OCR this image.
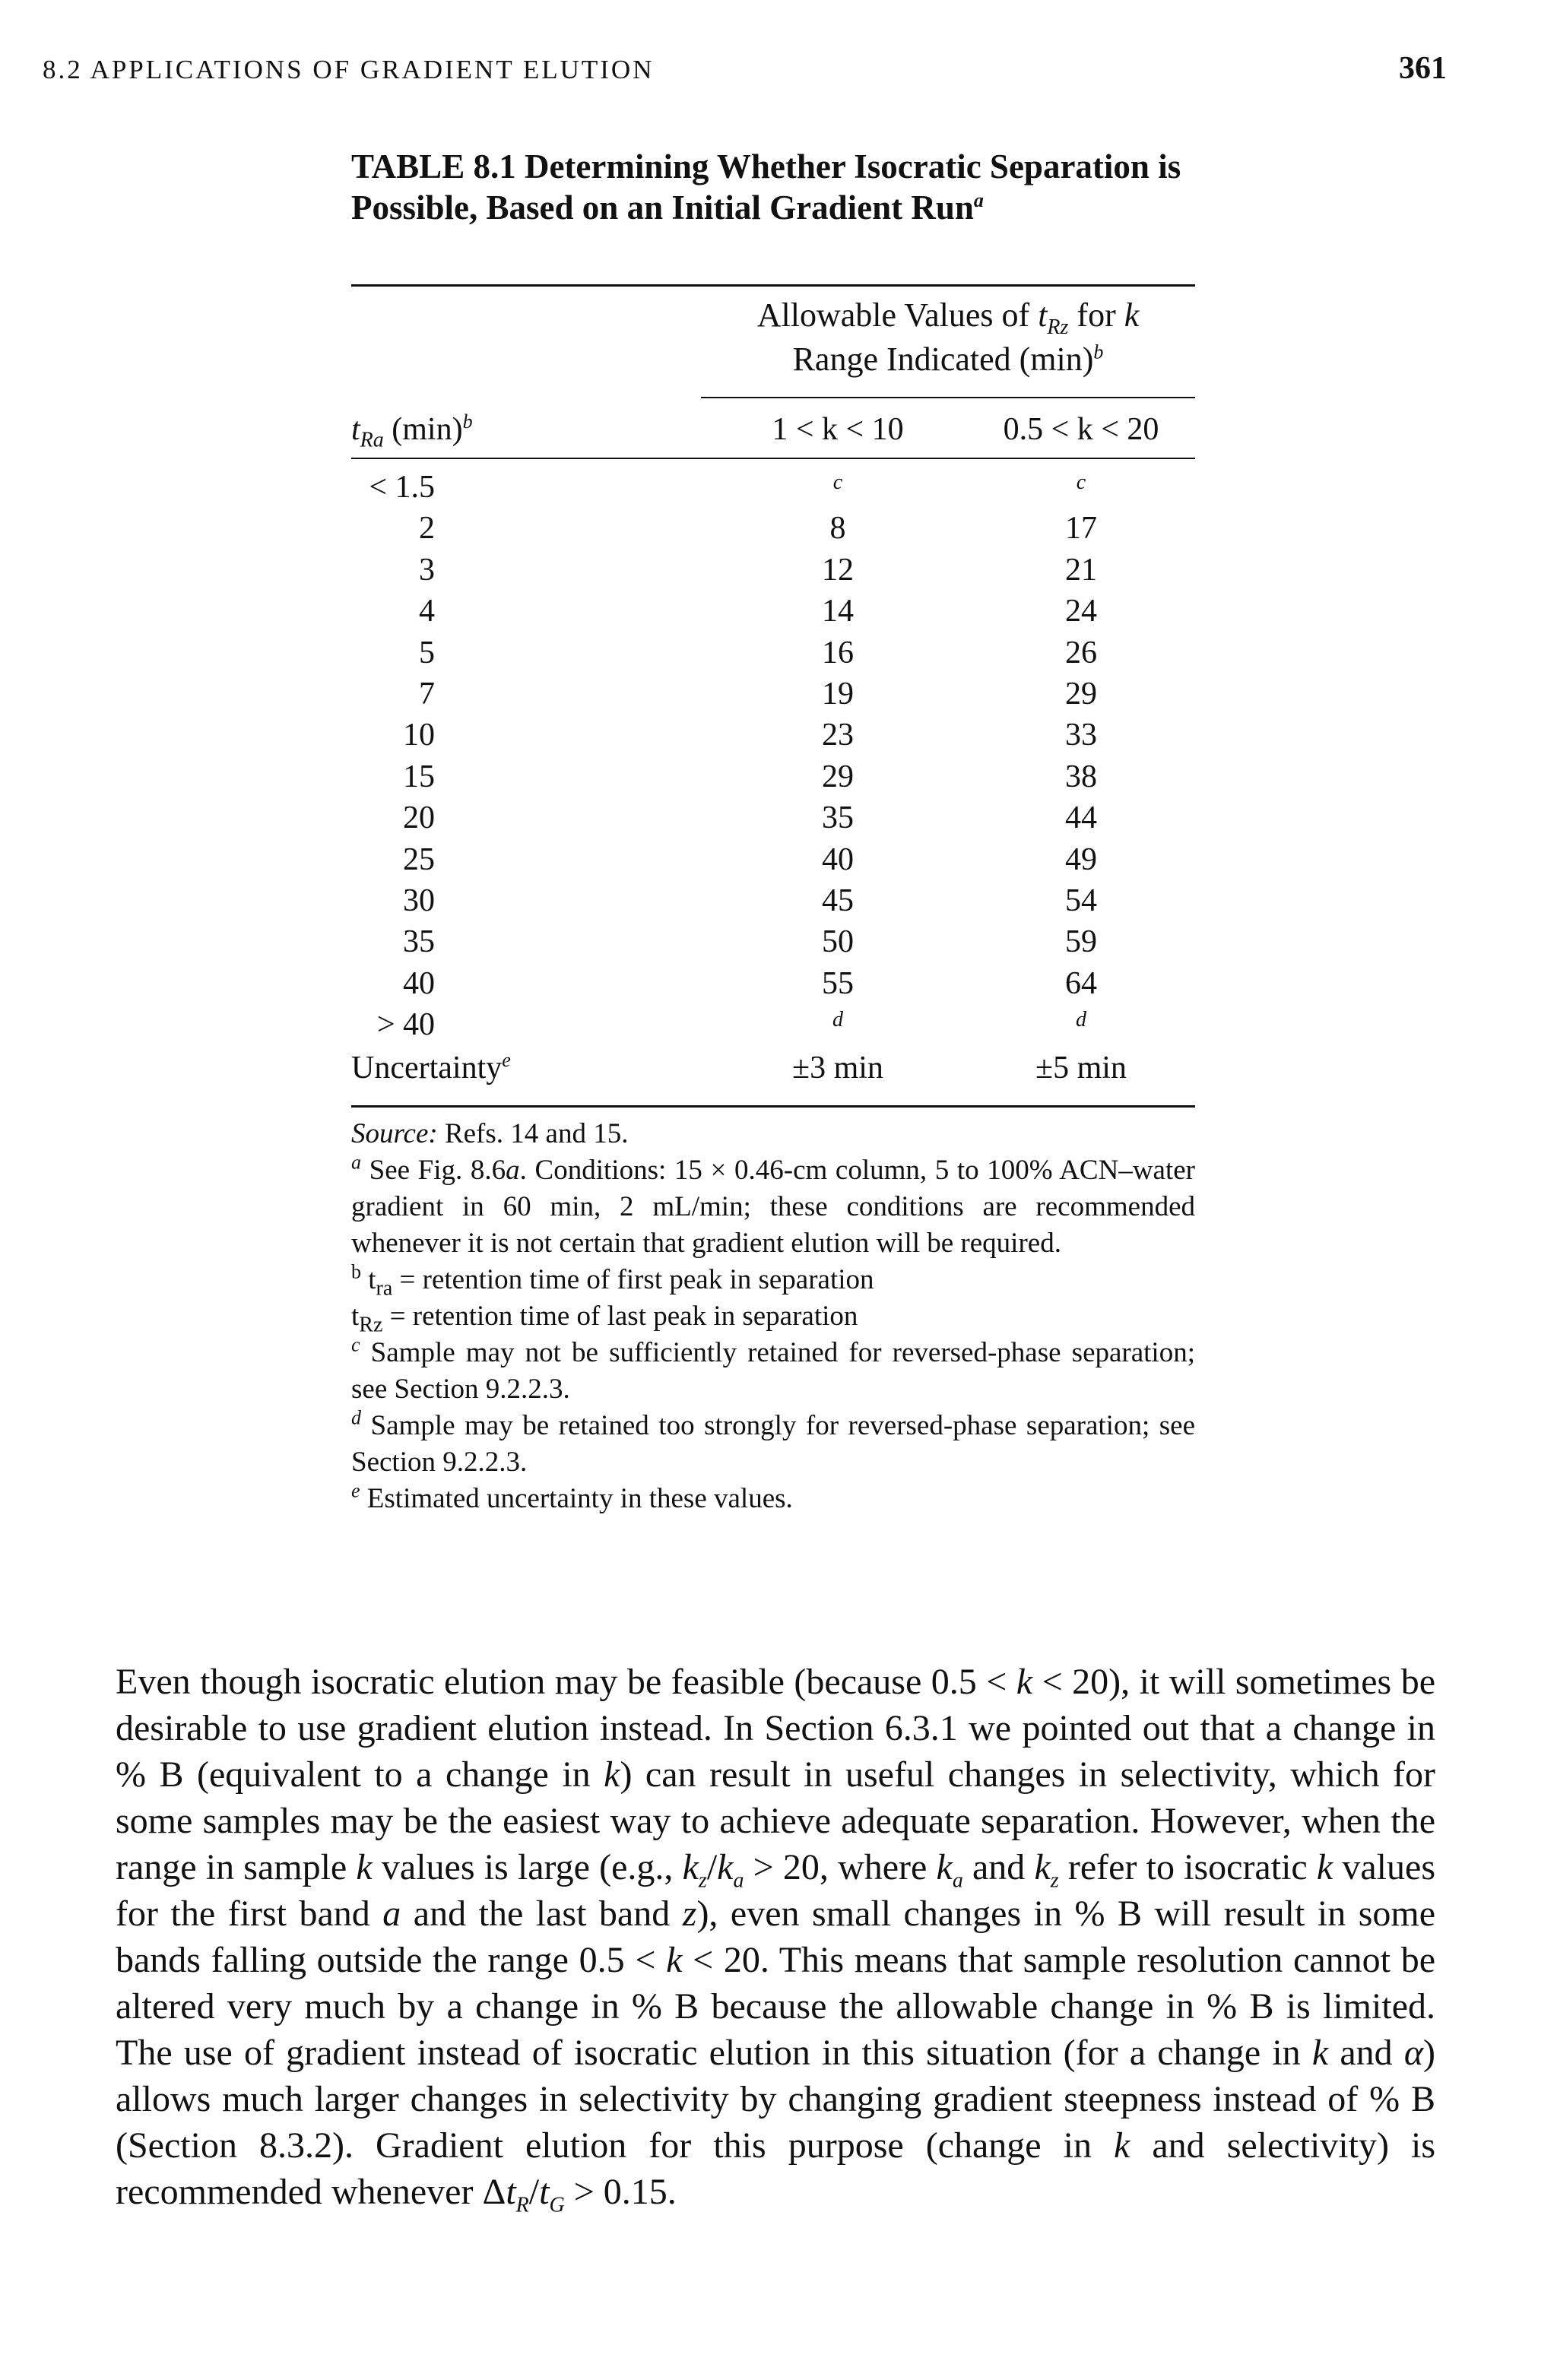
8.2 APPLICATIONS OF GRADIENT ELUTION	361

TABLE 8.1 Determining Whether Isocratic Separation is Possible, Based on an Initial Gradient Run$^a$

Allowable Values of $t_{Rz}$ for k
Range Indicated $(\min)^b$
$t_{Ra}$ $(\min)^b$	1 < k < 10	0.5 < k < 20
< 1.5	c	c
2	8	17
3	12	21
4	14	24
5	16	26
7	19	29
10	23	33
15	29	38
20	35	44
25	40	49
30	45	54
35	50	59
40	55	64
> 40	d	d
Uncertainty$^e$	±3 min	±5 min

Source: Refs. 14 and 15.

$^a$ See Fig. 8.6a. Conditions: 15 × 0.46-cm column, 5 to 100% ACN–water gradient in 60 min, 2 mL/min; these conditions are recommended whenever it is not certain that gradient elution will be required.

$^b$ $t_{ra}$ = retention time of first peak in separation

$t_{Rz}$ = retention time of last peak in separation

$^c$ Sample may not be sufficiently retained for reversed-phase separation; see Section 9.2.2.3.

$^d$ Sample may be retained too strongly for reversed-phase separation; see Section 9.2.2.3.

$^e$ Estimated uncertainty in these values.

Even though isocratic elution may be feasible (because 0.5 < k < 20), it will sometimes be desirable to use gradient elution instead. In Section 6.3.1 we pointed out that a change in % B (equivalent to a change in k) can result in useful changes in selectivity, which for some samples may be the easiest way to achieve adequate separation. However, when the range in sample k values is large (e.g., $k_z/k_a > 20$, where $k_a$ and $k_z$ refer to isocratic k values for the first band a and the last band z), even small changes in % B will result in some bands falling outside the range 0.5 < k < 20. This means that sample resolution cannot be altered very much by a change in % B because the allowable change in % B is limited. The use of gradient instead of isocratic elution in this situation (for a change in k and α) allows much larger changes in selectivity by changing gradient steepness instead of % B (Section 8.3.2). Gradient elution for this purpose (change in k and selectivity) is recommended whenever $\Delta t_R/t_G > 0.15$.
